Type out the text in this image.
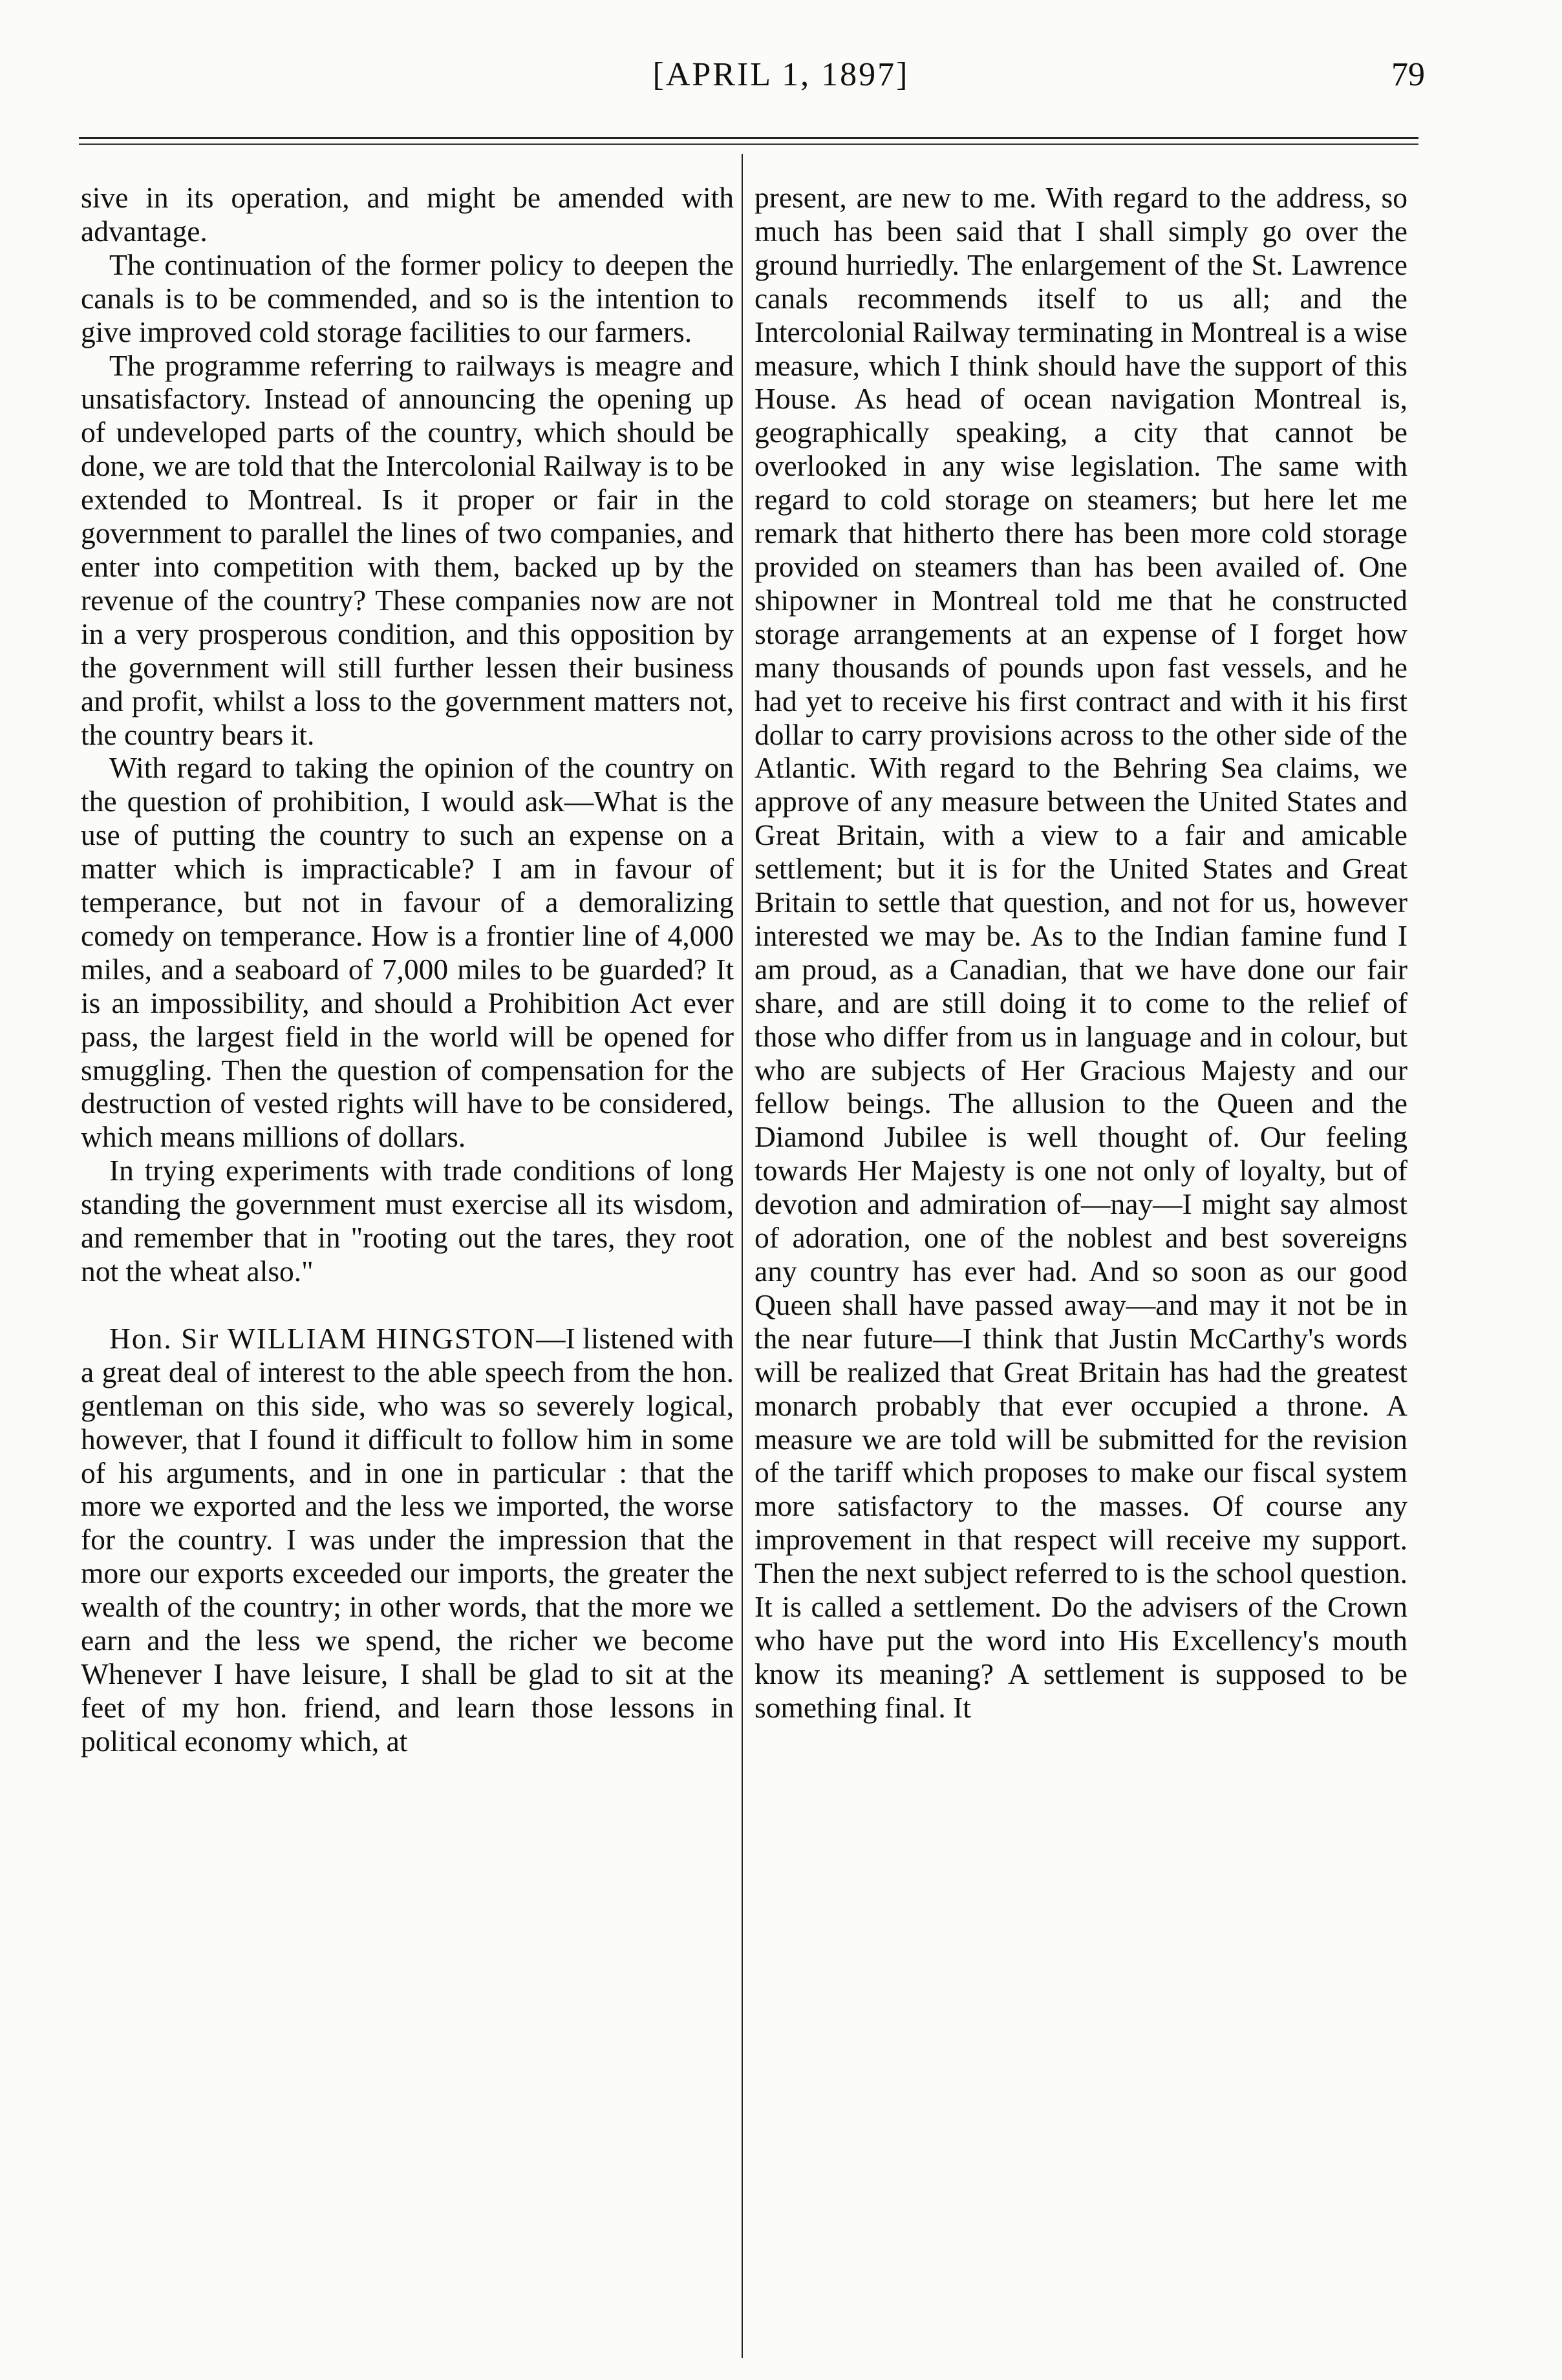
[APRIL 1, 1897]	79

sive in its operation, and might be amended with advantage.

The continuation of the former policy to deepen the canals is to be commended, and so is the intention to give improved cold storage facilities to our farmers.

The programme referring to railways is meagre and unsatisfactory. Instead of announcing the opening up of undeveloped parts of the country, which should be done, we are told that the Intercolonial Railway is to be extended to Montreal. Is it proper or fair in the government to parallel the lines of two companies, and enter into competition with them, backed up by the revenue of the country? These companies now are not in a very prosperous condition, and this opposition by the government will still further lessen their business and profit, whilst a loss to the government matters not, the country bears it.

With regard to taking the opinion of the country on the question of prohibition, I would ask—What is the use of putting the country to such an expense on a matter which is impracticable? I am in favour of temperance, but not in favour of a demoralizing comedy on temperance. How is a frontier line of 4,000 miles, and a seaboard of 7,000 miles to be guarded? It is an impossibility, and should a Prohibition Act ever pass, the largest field in the world will be opened for smuggling. Then the question of compensation for the destruction of vested rights will have to be considered, which means millions of dollars.

In trying experiments with trade conditions of long standing the government must exercise all its wisdom, and remember that in "rooting out the tares, they root not the wheat also."

Hon. Sir WILLIAM HINGSTON—I listened with a great deal of interest to the able speech from the hon. gentleman on this side, who was so severely logical, however, that I found it difficult to follow him in some of his arguments, and in one in particular : that the more we exported and the less we imported, the worse for the country. I was under the impression that the more our exports exceeded our imports, the greater the wealth of the country; in other words, that the more we earn and the less we spend, the richer we become Whenever I have leisure, I shall be glad to sit at the feet of my hon. friend, and learn those lessons in political economy which, at

present, are new to me. With regard to the address, so much has been said that I shall simply go over the ground hurriedly. The enlargement of the St. Lawrence canals recommends itself to us all; and the Intercolonial Railway terminating in Montreal is a wise measure, which I think should have the support of this House. As head of ocean navigation Montreal is, geographically speaking, a city that cannot be overlooked in any wise legislation. The same with regard to cold storage on steamers; but here let me remark that hitherto there has been more cold storage provided on steamers than has been availed of. One shipowner in Montreal told me that he constructed storage arrangements at an expense of I forget how many thousands of pounds upon fast vessels, and he had yet to receive his first contract and with it his first dollar to carry provisions across to the other side of the Atlantic. With regard to the Behring Sea claims, we approve of any measure between the United States and Great Britain, with a view to a fair and amicable settlement; but it is for the United States and Great Britain to settle that question, and not for us, however interested we may be. As to the Indian famine fund I am proud, as a Canadian, that we have done our fair share, and are still doing it to come to the relief of those who differ from us in language and in colour, but who are subjects of Her Gracious Majesty and our fellow beings. The allusion to the Queen and the Diamond Jubilee is well thought of. Our feeling towards Her Majesty is one not only of loyalty, but of devotion and admiration of—nay—I might say almost of adoration, one of the noblest and best sovereigns any country has ever had. And so soon as our good Queen shall have passed away—and may it not be in the near future—I think that Justin McCarthy's words will be realized that Great Britain has had the greatest monarch probably that ever occupied a throne. A measure we are told will be submitted for the revision of the tariff which proposes to make our fiscal system more satisfactory to the masses. Of course any improvement in that respect will receive my support. Then the next subject referred to is the school question. It is called a settlement. Do the advisers of the Crown who have put the word into His Excellency's mouth know its meaning? A settlement is supposed to be something final. It
